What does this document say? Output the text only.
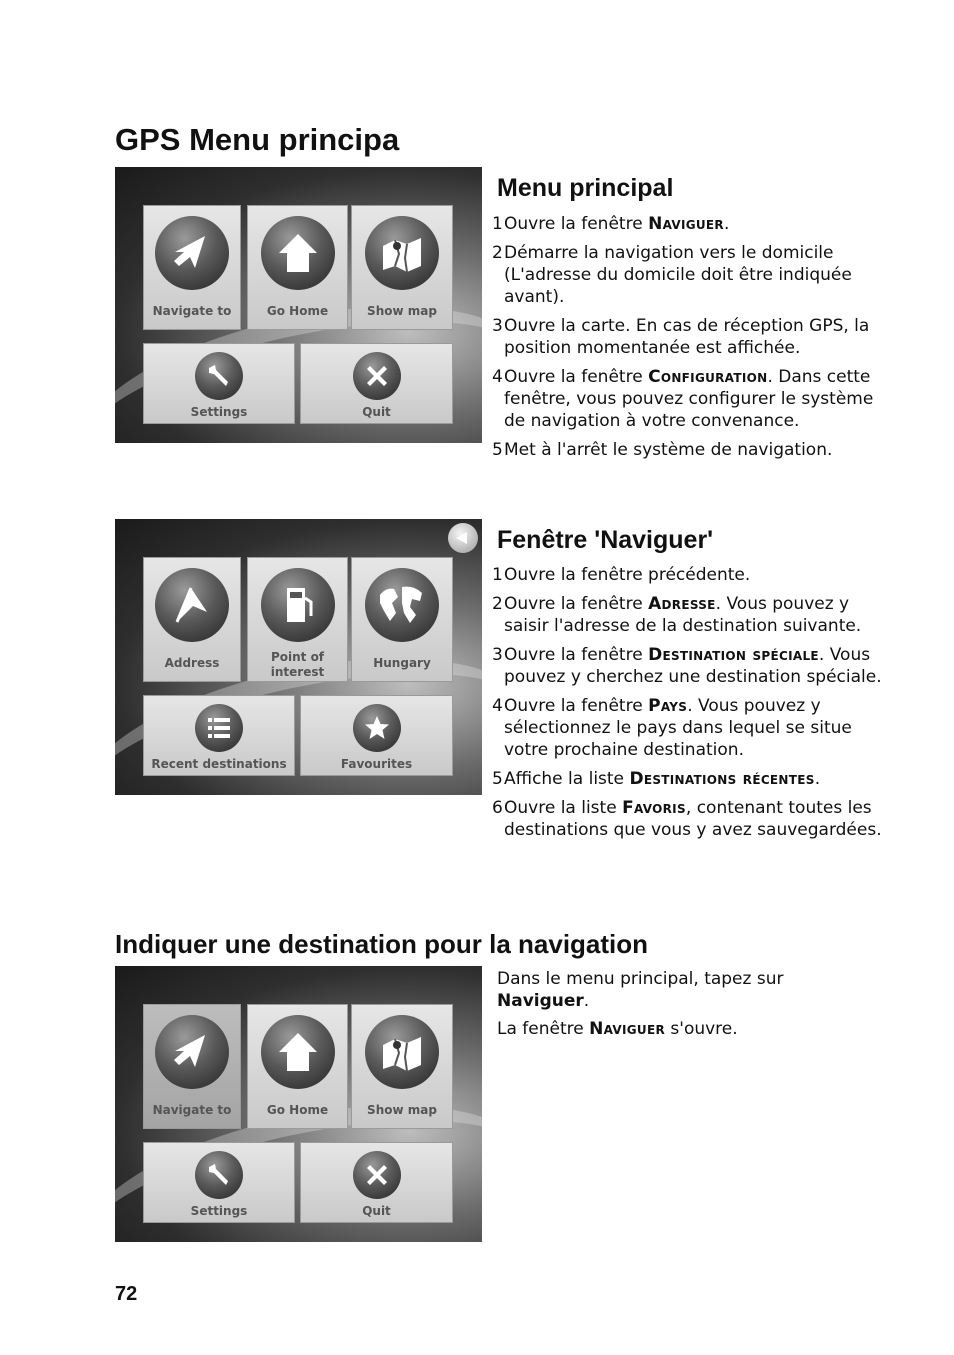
GPS Menu principa
Navigate to	Go Home	Show map
Settings	Quit
Menu principal
1 Ouvre la fenêtre Naviguer.
2 Démarre la navigation vers le domicile (L'adresse du domicile doit être indiquée avant).
3 Ouvre la carte. En cas de réception GPS, la position momentanée est affichée.
4 Ouvre la fenêtre Configuration. Dans cette fenêtre, vous pouvez configurer le système de navigation à votre convenance.
5 Met à l'arrêt le système de navigation.
Address	Point of interest
Hungary
Recent destinations	Favourites
Fenêtre 'Naviguer'
1 Ouvre la fenêtre précédente.
2 Ouvre la fenêtre Adresse. Vous pouvez y saisir l'adresse de la destination suivante.
3 Ouvre la fenêtre Destination spéciale. Vous pouvez y cherchez une destination spéciale.
4 Ouvre la fenêtre Pays. Vous pouvez y sélectionnez le pays dans lequel se situe votre prochaine destination.
5 Affiche la liste Destinations récentes.
6 Ouvre la liste Favoris, contenant toutes les destinations que vous y avez sauvegardées.
Indiquer une destination pour la navigation
Navigate to	Go Home	Show map
Settings	Quit

Dans le menu principal, tapez sur Naviguer.

La fenêtre Naviguer s'ouvre.

72
